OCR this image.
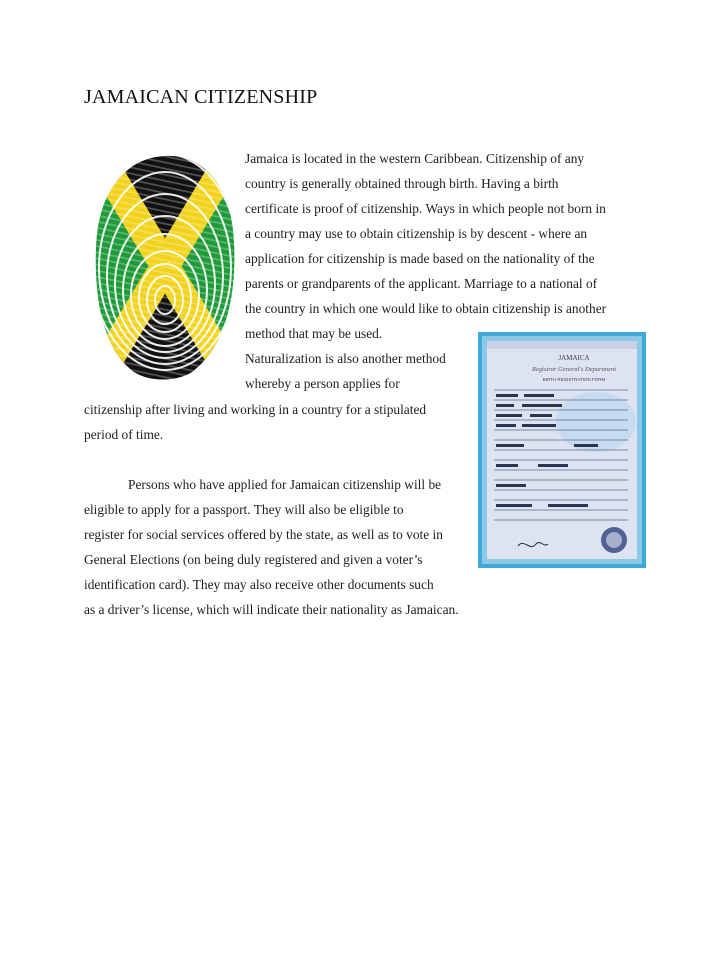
JAMAICAN CITIZENSHIP
Jamaica is located in the western Caribbean. Citizenship of any
country is generally obtained through birth. Having a birth
certificate is proof of citizenship. Ways in which people not born in
a country may use to obtain citizenship is by descent - where an
application for citizenship is made based on the nationality of the
parents or grandparents of the applicant. Marriage to a national of
the country in which one would like to obtain citizenship is another
method that may be used.
Naturalization is also another method
whereby a person applies for
citizenship after living and working in a country for a stipulated
period of time.
Persons who have applied for Jamaican citizenship will be
eligible to apply for a passport. They will also be eligible to
register for social services offered by the state, as well as to vote in
General Elections (on being duly registered and given a voter’s
identification card). They may also receive other documents such
as a driver’s license, which will indicate their nationality as Jamaican.
JAMAICA
Registrar General's Department
BIRTH REGISTRATION FORM
